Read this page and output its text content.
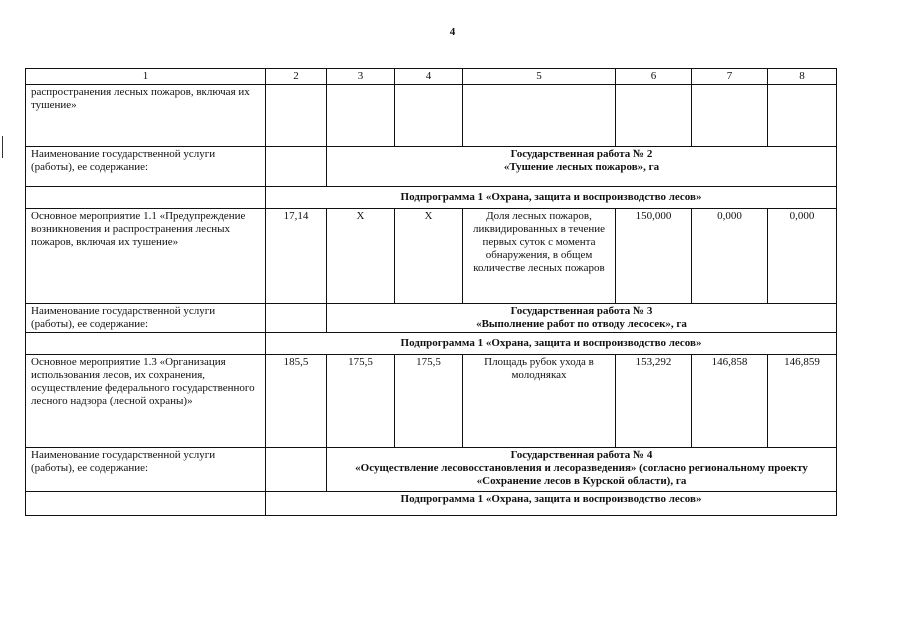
4
1	2	3	4	5	6	7	8
распространения лесных пожаров, включая их тушение»							
Наименование государственной услуги (работы), ее содержание:		Государственная работа № 2
«Тушение лесных пожаров», га					

	Подпрограмма 1 «Охрана, защита и воспроизводство лесов»						
Основное мероприятие 1.1 «Предупреждение возникновения и распространения лесных пожаров, включая их тушение»	17,14	X	X	Доля лесных пожаров, ликвидированных в течение первых суток с момента обнаружения, в общем количестве лесных пожаров	150,000	0,000	0,000
Наименование государственной услуги (работы), ее содержание:		Государственная работа № 3
«Выполнение работ по отводу лесосек», га					

	Подпрограмма 1 «Охрана, защита и воспроизводство лесов»						
Основное мероприятие 1.3 «Организация использования лесов, их сохранения, осуществление федерального государственного лесного надзора (лесной охраны)»	185,5	175,5	175,5	Площадь рубок ухода в молодняках	153,292	146,858	146,859
Наименование государственной услуги (работы), ее содержание:		Государственная работа № 4
«Осуществление лесовосстановления и лесоразведения» (согласно региональному проекту «Сохранение лесов в Курской области), га					

	Подпрограмма 1 «Охрана, защита и воспроизводство лесов»						
